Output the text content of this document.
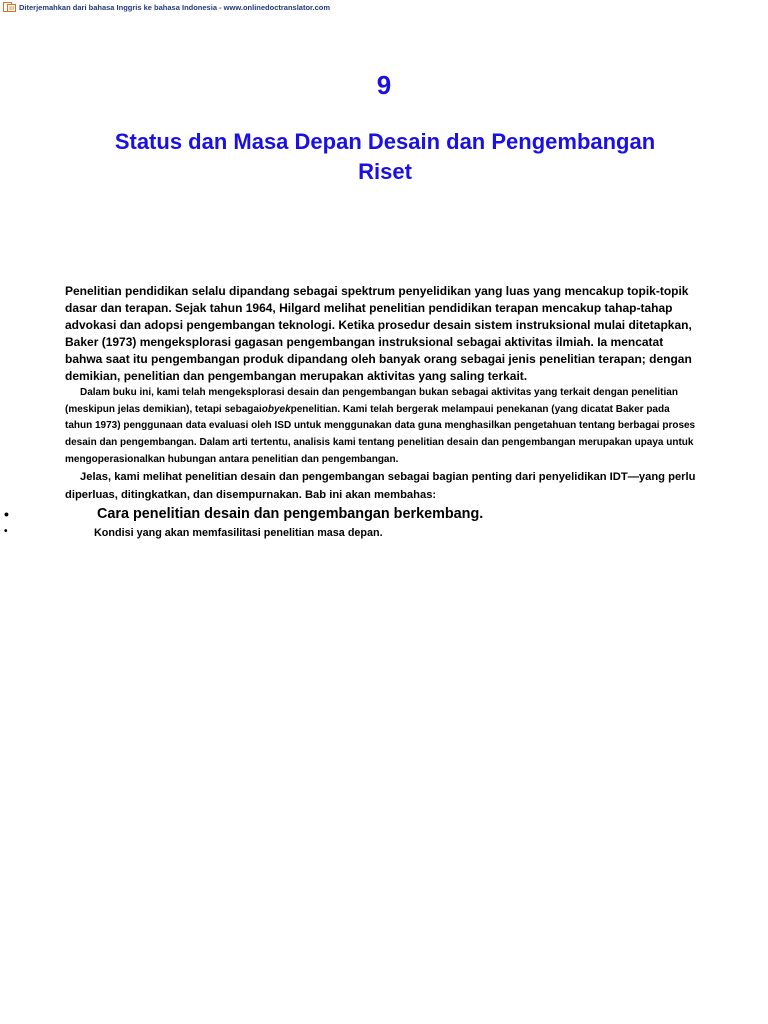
Diterjemahkan dari bahasa Inggris ke bahasa Indonesia - www.onlinedoctranslator.com
9
Status dan Masa Depan Desain dan Pengembangan
Riset
Penelitian pendidikan selalu dipandang sebagai spektrum penyelidikan yang luas yang mencakup topik-topik dasar dan terapan. Sejak tahun 1964, Hilgard melihat penelitian pendidikan terapan mencakup tahap-tahap advokasi dan adopsi pengembangan teknologi. Ketika prosedur desain sistem instruksional mulai ditetapkan, Baker (1973) mengeksplorasi gagasan pengembangan instruksional sebagai aktivitas ilmiah. Ia mencatat bahwa saat itu pengembangan produk dipandang oleh banyak orang sebagai jenis penelitian terapan; dengan demikian, penelitian dan pengembangan merupakan aktivitas yang saling terkait.
Dalam buku ini, kami telah mengeksplorasi desain dan pengembangan bukan sebagai aktivitas yang terkait dengan penelitian (meskipun jelas demikian), tetapi sebagaiobyekpenelitian. Kami telah bergerak melampaui penekanan (yang dicatat Baker pada tahun 1973) penggunaan data evaluasi oleh ISD untuk menggunakan data guna menghasilkan pengetahuan tentang berbagai proses desain dan pengembangan. Dalam arti tertentu, analisis kami tentang penelitian desain dan pengembangan merupakan upaya untuk mengoperasionalkan hubungan antara penelitian dan pengembangan.
Jelas, kami melihat penelitian desain dan pengembangan sebagai bagian penting dari penyelidikan IDT—yang perlu diperluas, ditingkatkan, dan disempurnakan. Bab ini akan membahas:
•	Cara penelitian desain dan pengembangan berkembang.
•	Kondisi yang akan memfasilitasi penelitian masa depan.
